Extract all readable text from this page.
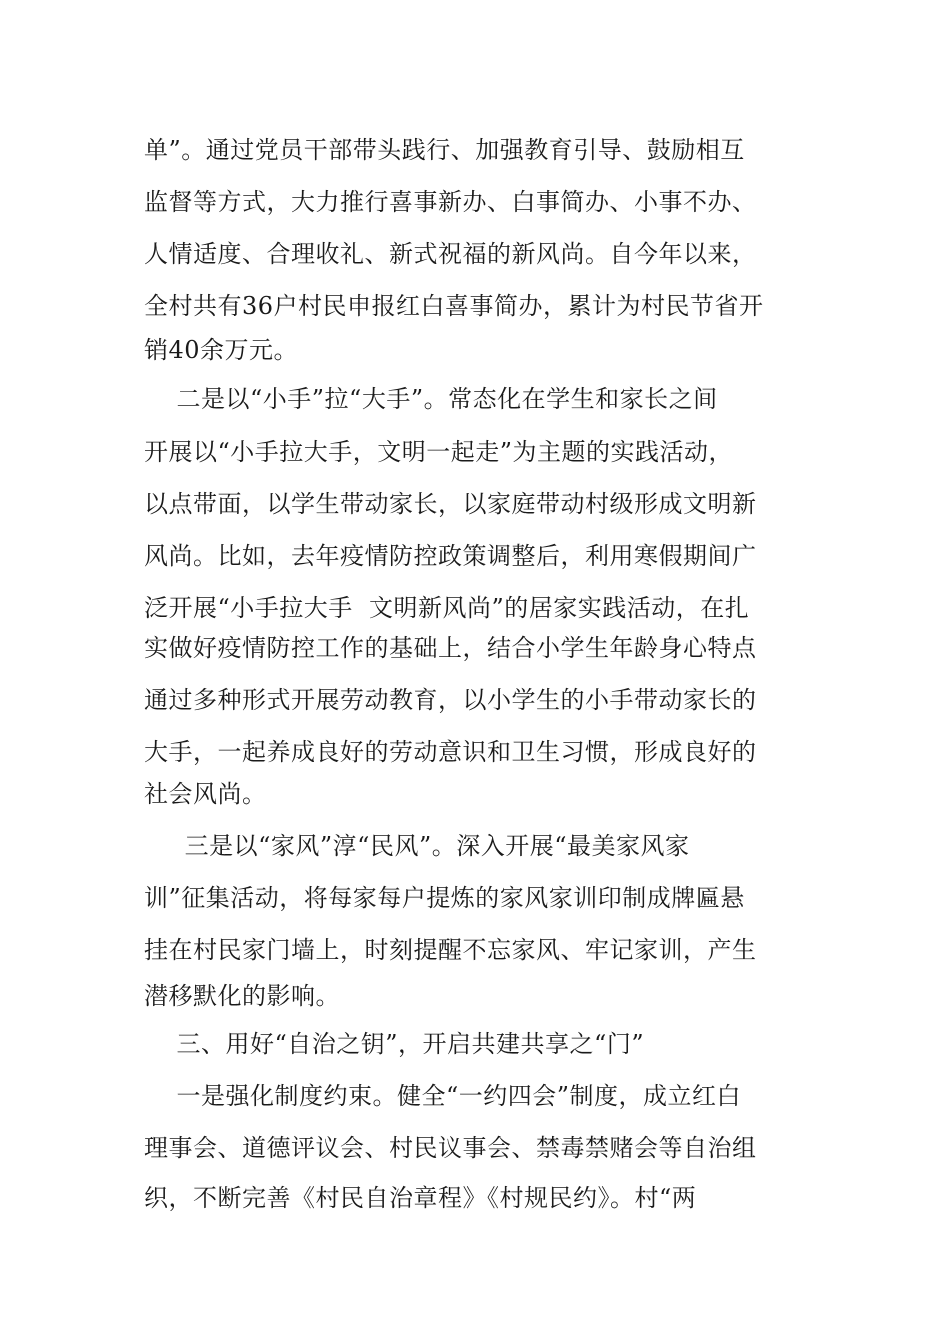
单”。通过党员干部带头践行、加强教育引导、鼓励相互
监督等方式，大力推行喜事新办、白事简办、小事不办、
人情适度、合理收礼、新式祝福的新风尚。自今年以来，
全村共有36户村民申报红白喜事简办，累计为村民节省开
销40余万元。
二是以“小手”拉“大手”。常态化在学生和家长之间
开展以“小手拉大手，文明一起走”为主题的实践活动，
以点带面，以学生带动家长，以家庭带动村级形成文明新
风尚。比如，去年疫情防控政策调整后，利用寒假期间广
泛开展“小手拉大手  文明新风尚”的居家实践活动，在扎
实做好疫情防控工作的基础上，结合小学生年龄身心特点
通过多种形式开展劳动教育，以小学生的小手带动家长的
大手，一起养成良好的劳动意识和卫生习惯，形成良好的
社会风尚。
三是以“家风”淳“民风”。深入开展“最美家风家
训”征集活动，将每家每户提炼的家风家训印制成牌匾悬
挂在村民家门墙上，时刻提醒不忘家风、牢记家训，产生
潜移默化的影响。
三、用好“自治之钥”，开启共建共享之“门”
一是强化制度约束。健全“一约四会”制度，成立红白
理事会、道德评议会、村民议事会、禁毒禁赌会等自治组
织，不断完善《村民自治章程》《村规民约》。村“两
